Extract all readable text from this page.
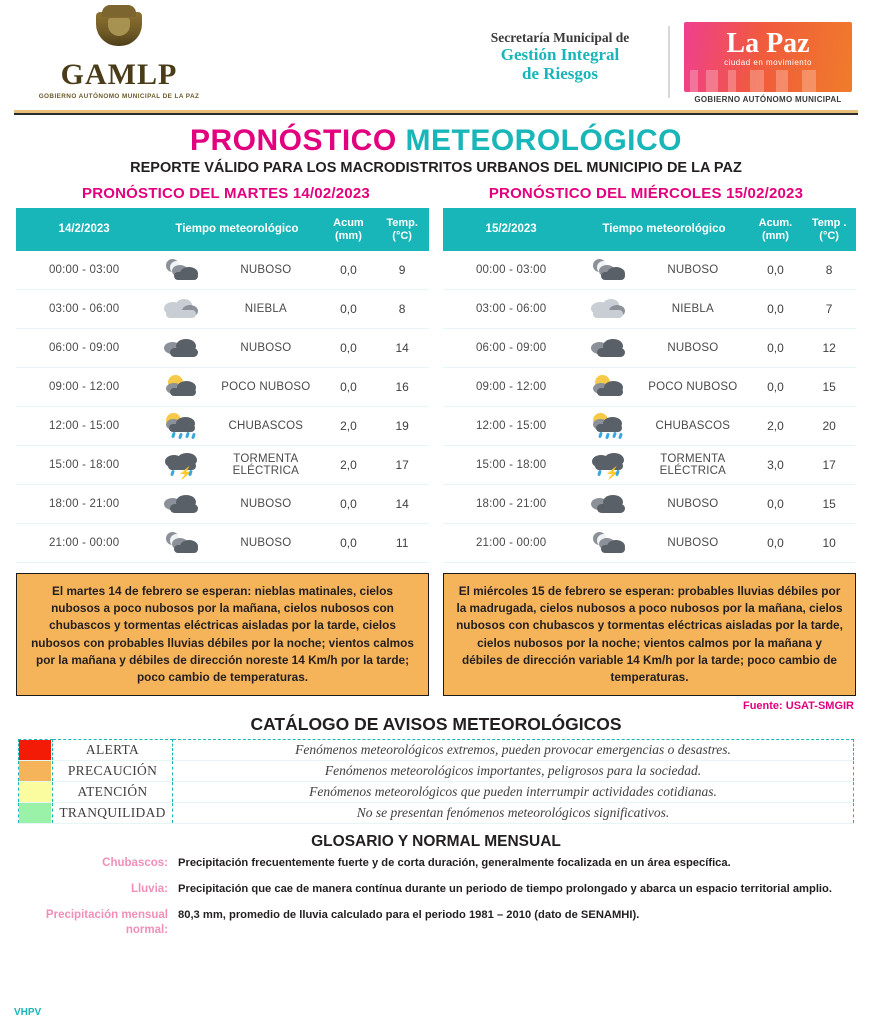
GAMLP
GOBIERNO AUTÓNOMO MUNICIPAL DE LA PAZ
Secretaría Municipal de
Gestión Integral
de Riesgos
La Paz
ciudad en movimiento
GOBIERNO AUTÓNOMO MUNICIPAL
PRONÓSTICO METEOROLÓGICO
REPORTE VÁLIDO PARA LOS MACRODISTRITOS URBANOS DEL MUNICIPIO DE LA PAZ
PRONÓSTICO DEL MARTES 14/02/2023	PRONÓSTICO DEL MIÉRCOLES 15/02/2023
14/2/2023	Tiempo meteorológico		Acum
(mm)	Temp.
(°C)
00:00 - 03:00		NUBOSO	0,0	9
03:00 - 06:00		NIEBLA	0,0	8
06:00 - 09:00		NUBOSO	0,0	14
09:00 - 12:00		POCO NUBOSO	0,0	16
12:00 - 15:00		CHUBASCOS	2,0	19
15:00 - 18:00		TORMENTA ELÉCTRICA	2,0	17
18:00 - 21:00		NUBOSO	0,0	14
21:00 - 00:00		NUBOSO	0,0	11
15/2/2023	Tiempo meteorológico		Acum.
(mm)	Temp .
(°C)
00:00 - 03:00		NUBOSO	0,0	8
03:00 - 06:00		NIEBLA	0,0	7
06:00 - 09:00		NUBOSO	0,0	12
09:00 - 12:00		POCO NUBOSO	0,0	15
12:00 - 15:00		CHUBASCOS	2,0	20
15:00 - 18:00		TORMENTA ELÉCTRICA	3,0	17
18:00 - 21:00		NUBOSO	0,0	15
21:00 - 00:00		NUBOSO	0,0	10
El martes 14 de febrero se esperan: nieblas matinales, cielos nubosos a poco nubosos por la mañana, cielos nubosos con chubascos y tormentas eléctricas aisladas por la tarde, cielos nubosos con probables lluvias débiles por la noche; vientos calmos por la mañana y débiles de dirección noreste 14 Km/h por la tarde; poco cambio de temperaturas.
El miércoles 15 de febrero se esperan: probables lluvias débiles por la madrugada, cielos nubosos a poco nubosos por la mañana, cielos nubosos con chubascos y tormentas eléctricas aisladas por la tarde, cielos nubosos por la noche; vientos calmos por la mañana y débiles de dirección variable 14 Km/h por la tarde; poco cambio de temperaturas.
Fuente: USAT-SMGIR
CATÁLOGO DE AVISOS METEOROLÓGICOS
	ALERTA	Fenómenos meteorológicos extremos, pueden provocar emergencias o desastres.

	PRECAUCIÓN	Fenómenos meteorológicos importantes, peligrosos para la sociedad.

	ATENCIÓN	Fenómenos meteorológicos que pueden interrumpir actividades cotidianas.

	TRANQUILIDAD	No se presentan fenómenos meteorológicos significativos.
GLOSARIO Y NORMAL MENSUAL
Chubascos: Precipitación frecuentemente fuerte y de corta duración, generalmente focalizada en un área específica.
Lluvia: Precipitación que cae de manera contínua durante un periodo de tiempo prolongado y abarca un espacio territorial amplio.
Precipitación mensual normal:
80,3 mm, promedio de lluvia calculado para el periodo 1981 – 2010 (dato de SENAMHI).
VHPV
